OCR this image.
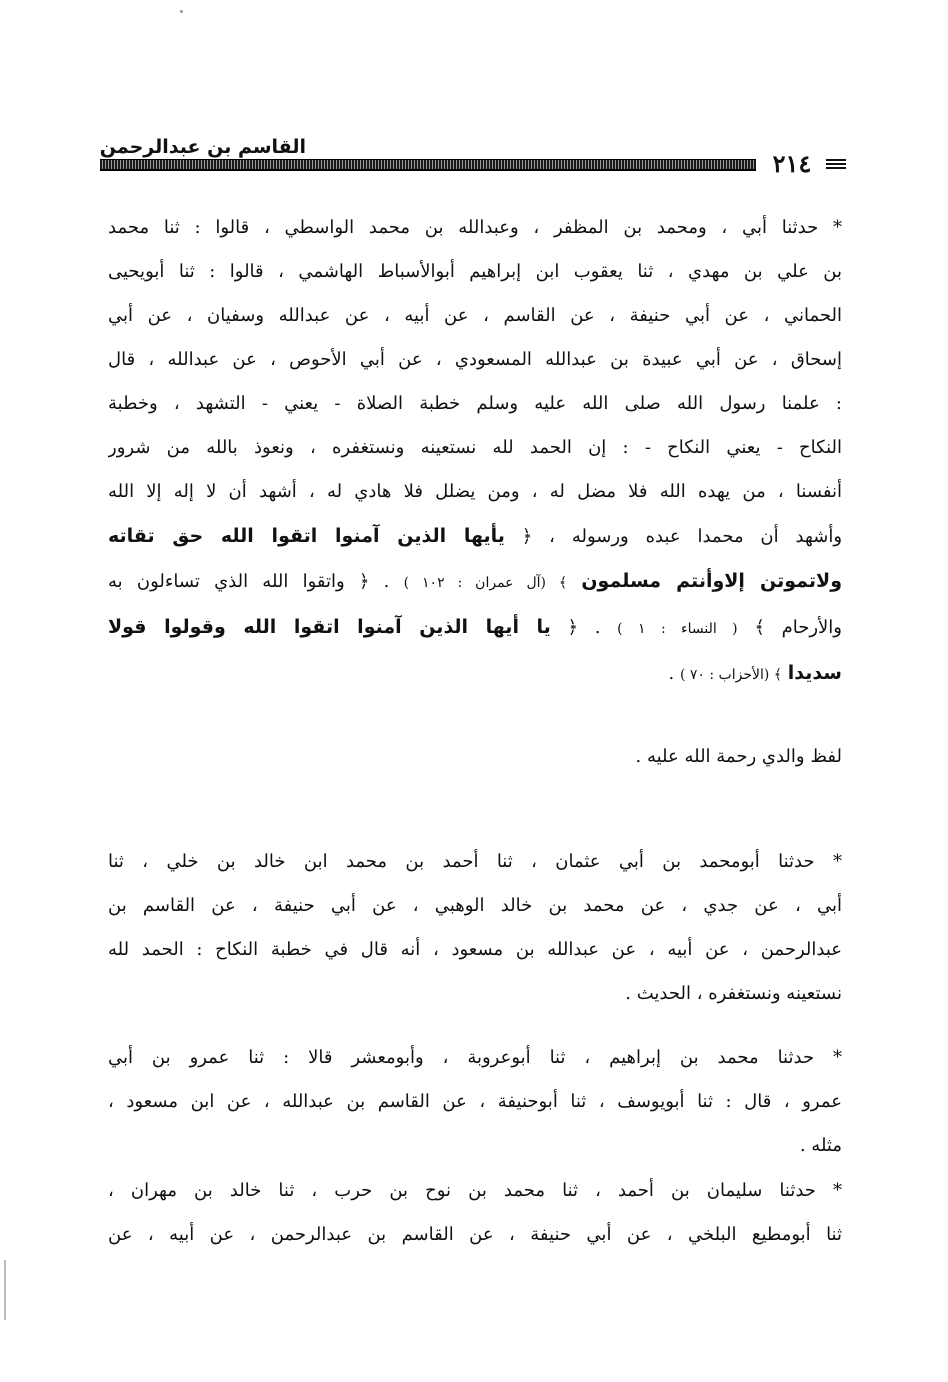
القاسم بن عبدالرحمن
٢١٤
* حدثنا أبي ، ومحمد بن المظفر ، وعبدالله بن محمد الواسطي ، قالوا : ثنا محمد
بن علي بن مهدي ، ثنا يعقوب ابن إبراهيم أبوالأسباط الهاشمي ، قالوا : ثنا أبويحيى
الحماني ، عن أبي حنيفة ، عن القاسم ، عن أبيه ، عن عبدالله وسفيان ، عن أبي
إسحاق ، عن أبي عبيدة بن عبدالله المسعودي ، عن أبي الأحوص ، عن عبدالله ، قال
: علمنا رسول الله صلى الله عليه وسلم خطبة الصلاة - يعني - التشهد ، وخطبة
النكاح - يعني النكاح - : إن الحمد لله نستعينه ونستغفره ، ونعوذ بالله من شرور
أنفسنا ، من يهده الله فلا مضل له ، ومن يضلل فلا هادي له ، أشهد أن لا إله إلا الله
وأشهد أن محمدا عبده ورسوله ، ﴿ يأيها الذين آمنوا اتقوا الله حق تقاته
ولاتموتن إلاوأنتم مسلمون ﴾ (آل عمران : ١٠٢ ) . ﴿ واتقوا الله الذي تساءلون به
والأرحام ﴾ ( النساء : ١ ) . ﴿ يا أيها الذين آمنوا اتقوا الله وقولوا قولا
سديدا ﴾ (الأحزاب : ٧٠ ) .
لفظ والدي رحمة الله عليه .
* حدثنا أبومحمد بن أبي عثمان ، ثنا أحمد بن محمد ابن خالد بن خلي ، ثنا
أبي ، عن جدي ، عن محمد بن خالد الوهبي ، عن أبي حنيفة ، عن القاسم بن
عبدالرحمن ، عن أبيه ، عن عبدالله بن مسعود ، أنه قال في خطبة النكاح : الحمد لله
نستعينه ونستغفره ، الحديث .
* حدثنا محمد بن إبراهيم ، ثنا أبوعروبة ، وأبومعشر قالا : ثنا عمرو بن أبي
عمرو ، قال : ثنا أبويوسف ، ثنا أبوحنيفة ، عن القاسم بن عبدالله ، عن ابن مسعود ،
مثله .
* حدثنا سليمان بن أحمد ، ثنا محمد بن نوح بن حرب ، ثنا خالد بن مهران ،
ثنا أبومطيع البلخي ، عن أبي حنيفة ، عن القاسم بن عبدالرحمن ، عن أبيه ، عن
